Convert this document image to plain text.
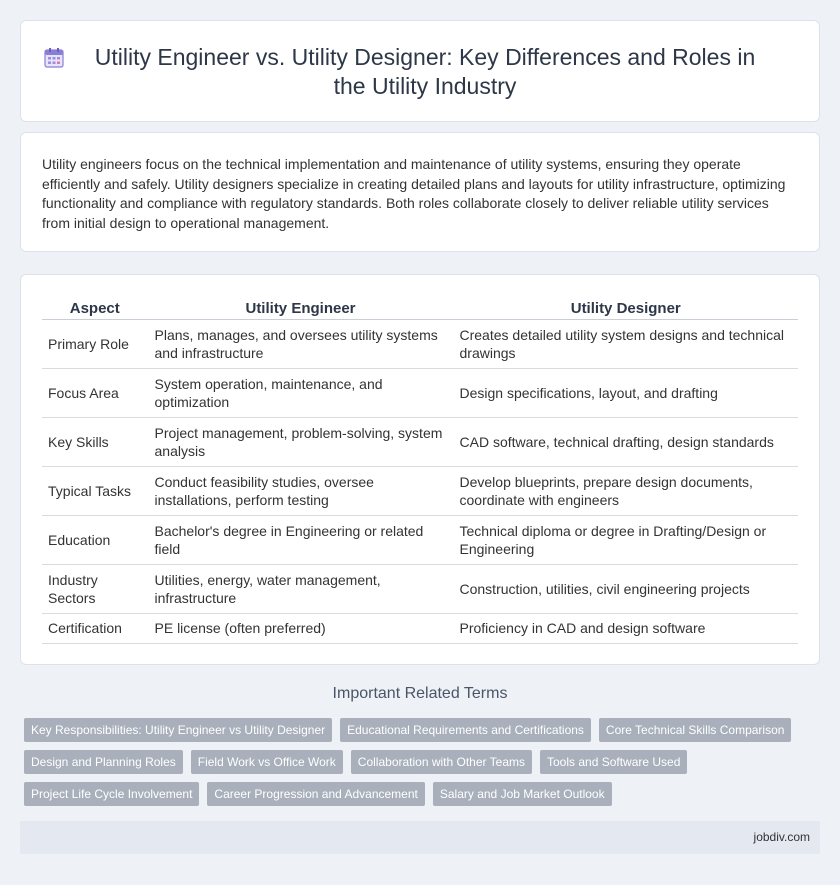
Utility Engineer vs. Utility Designer: Key Differences and Roles in the Utility Industry

Utility engineers focus on the technical implementation and maintenance of utility systems, ensuring they operate efficiently and safely. Utility designers specialize in creating detailed plans and layouts for utility infrastructure, optimizing functionality and compliance with regulatory standards. Both roles collaborate closely to deliver reliable utility services from initial design to operational management.

Aspect	Utility Engineer	Utility Designer
Primary Role	Plans, manages, and oversees utility systems and infrastructure	Creates detailed utility system designs and technical drawings
Focus Area	System operation, maintenance, and optimization	Design specifications, layout, and drafting
Key Skills	Project management, problem-solving, system analysis	CAD software, technical drafting, design standards
Typical Tasks	Conduct feasibility studies, oversee installations, perform testing	Develop blueprints, prepare design documents, coordinate with engineers
Education	Bachelor's degree in Engineering or related field	Technical diploma or degree in Drafting/Design or Engineering
Industry Sectors	Utilities, energy, water management, infrastructure	Construction, utilities, civil engineering projects
Certification	PE license (often preferred)	Proficiency in CAD and design software
Important Related Terms
Key Responsibilities: Utility Engineer vs Utility Designer	Educational Requirements and Certifications	Core Technical Skills Comparison
Design and Planning Roles	Field Work vs Office Work	Collaboration with Other Teams	Tools and Software Used
Project Life Cycle Involvement	Career Progression and Advancement	Salary and Job Market Outlook
jobdiv.com
